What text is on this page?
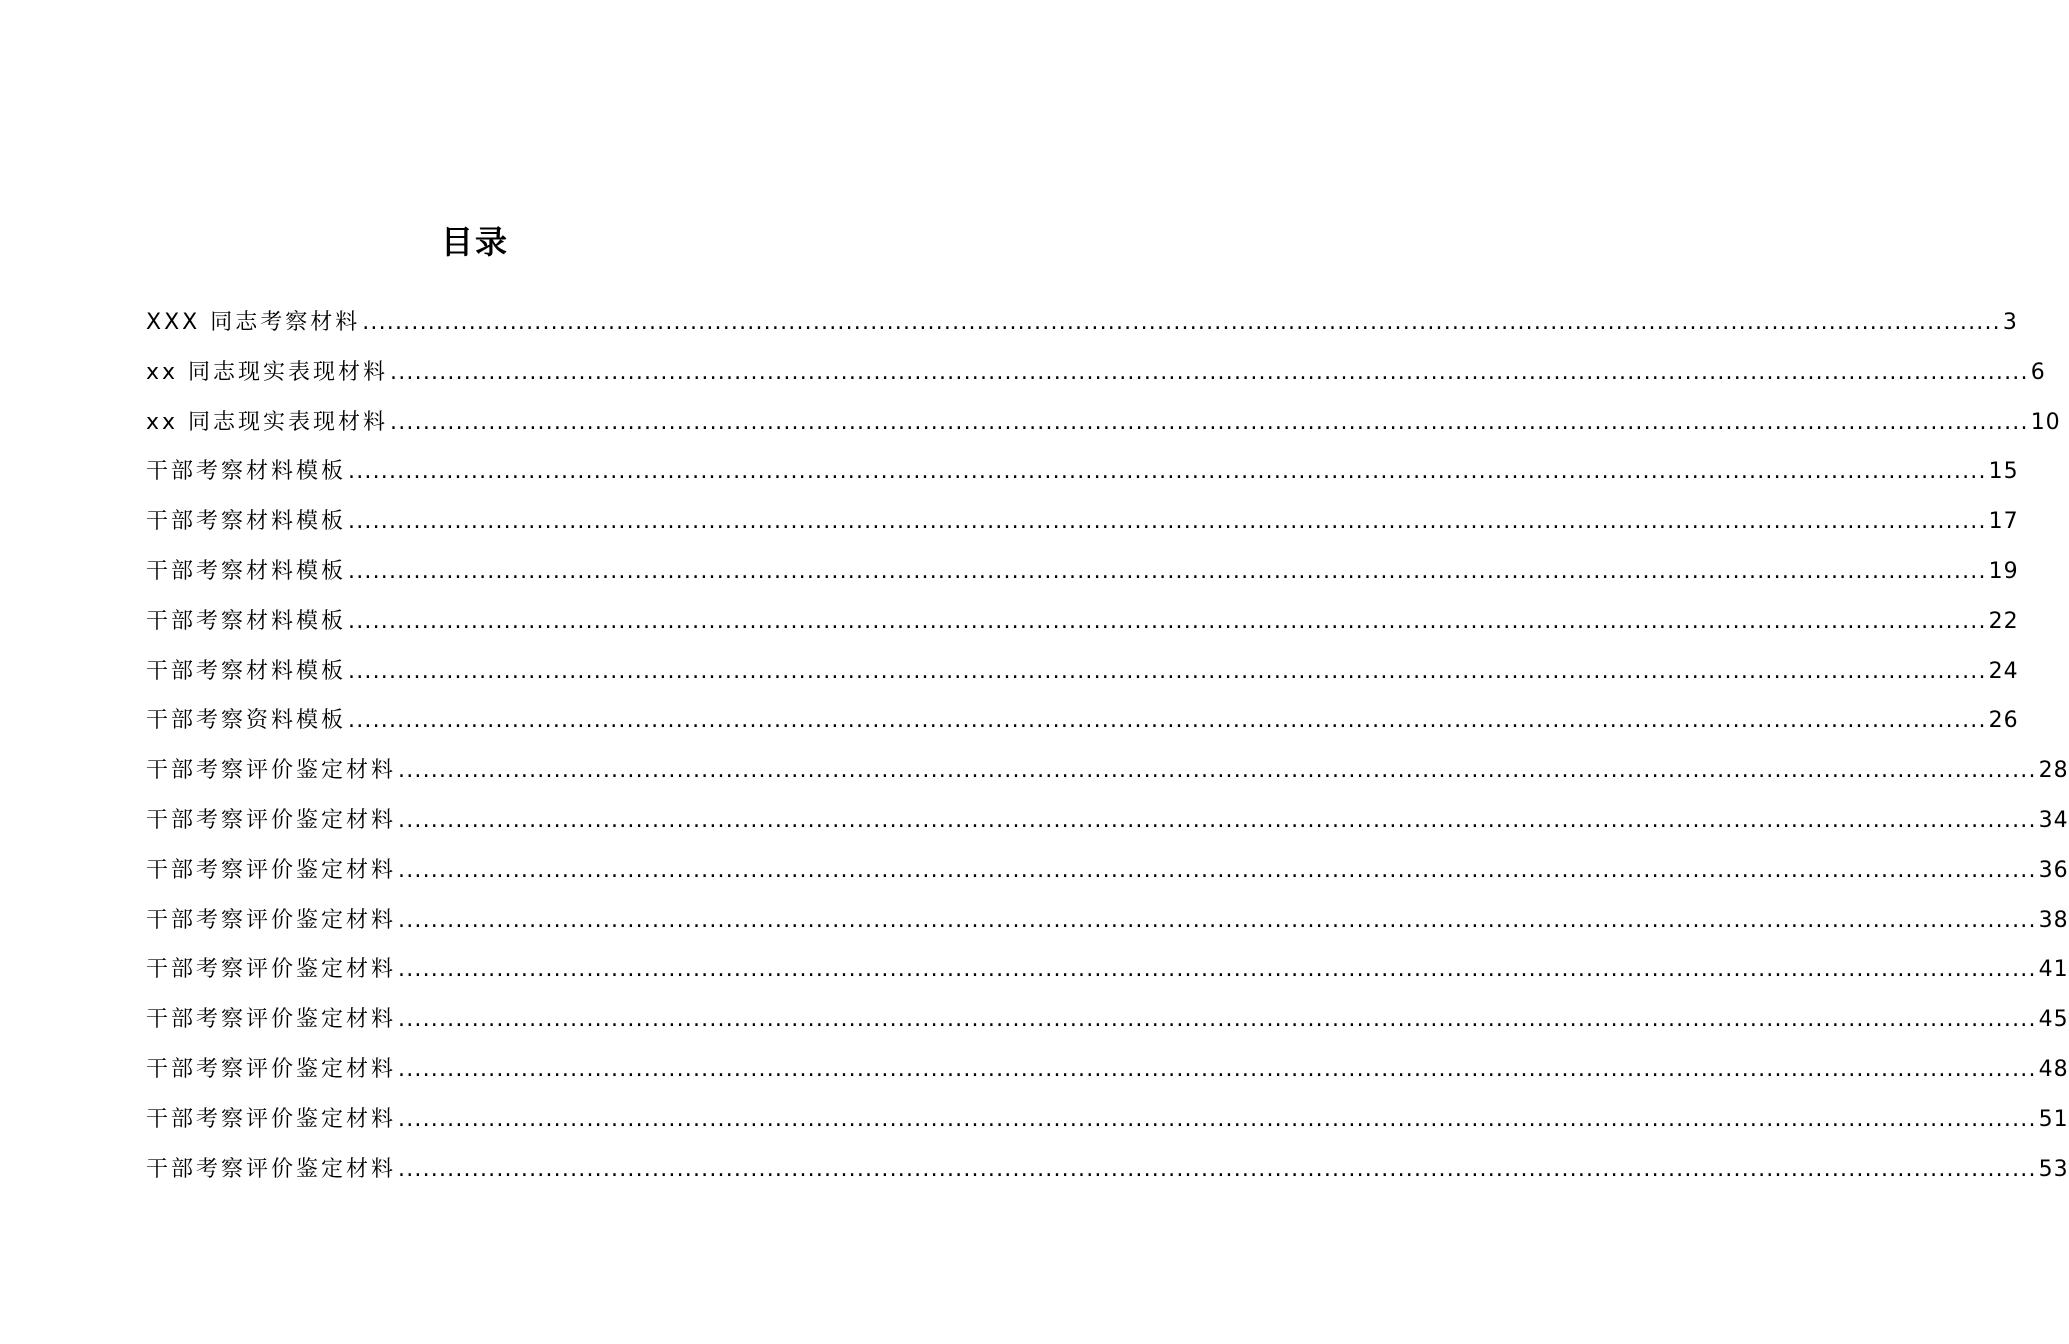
目录
XXX 同志考察材料 ........................................................................................................................................................................................................ 3
xx 同志现实表现材料 ........................................................................................................................................................................................................ 6
xx 同志现实表现材料 ........................................................................................................................................................................................................ 10
干部考察材料模板 ........................................................................................................................................................................................................ 15
干部考察材料模板 ........................................................................................................................................................................................................ 17
干部考察材料模板 ........................................................................................................................................................................................................ 19
干部考察材料模板 ........................................................................................................................................................................................................ 22
干部考察材料模板 ........................................................................................................................................................................................................ 24
干部考察资料模板 ........................................................................................................................................................................................................ 26
干部考察评价鉴定材料 ........................................................................................................................................................................................................ 28
干部考察评价鉴定材料 ........................................................................................................................................................................................................ 34
干部考察评价鉴定材料 ........................................................................................................................................................................................................ 36
干部考察评价鉴定材料 ........................................................................................................................................................................................................ 38
干部考察评价鉴定材料 ........................................................................................................................................................................................................ 41
干部考察评价鉴定材料 ........................................................................................................................................................................................................ 45
干部考察评价鉴定材料 ........................................................................................................................................................................................................ 48
干部考察评价鉴定材料 ........................................................................................................................................................................................................ 51
干部考察评价鉴定材料 ........................................................................................................................................................................................................ 53
